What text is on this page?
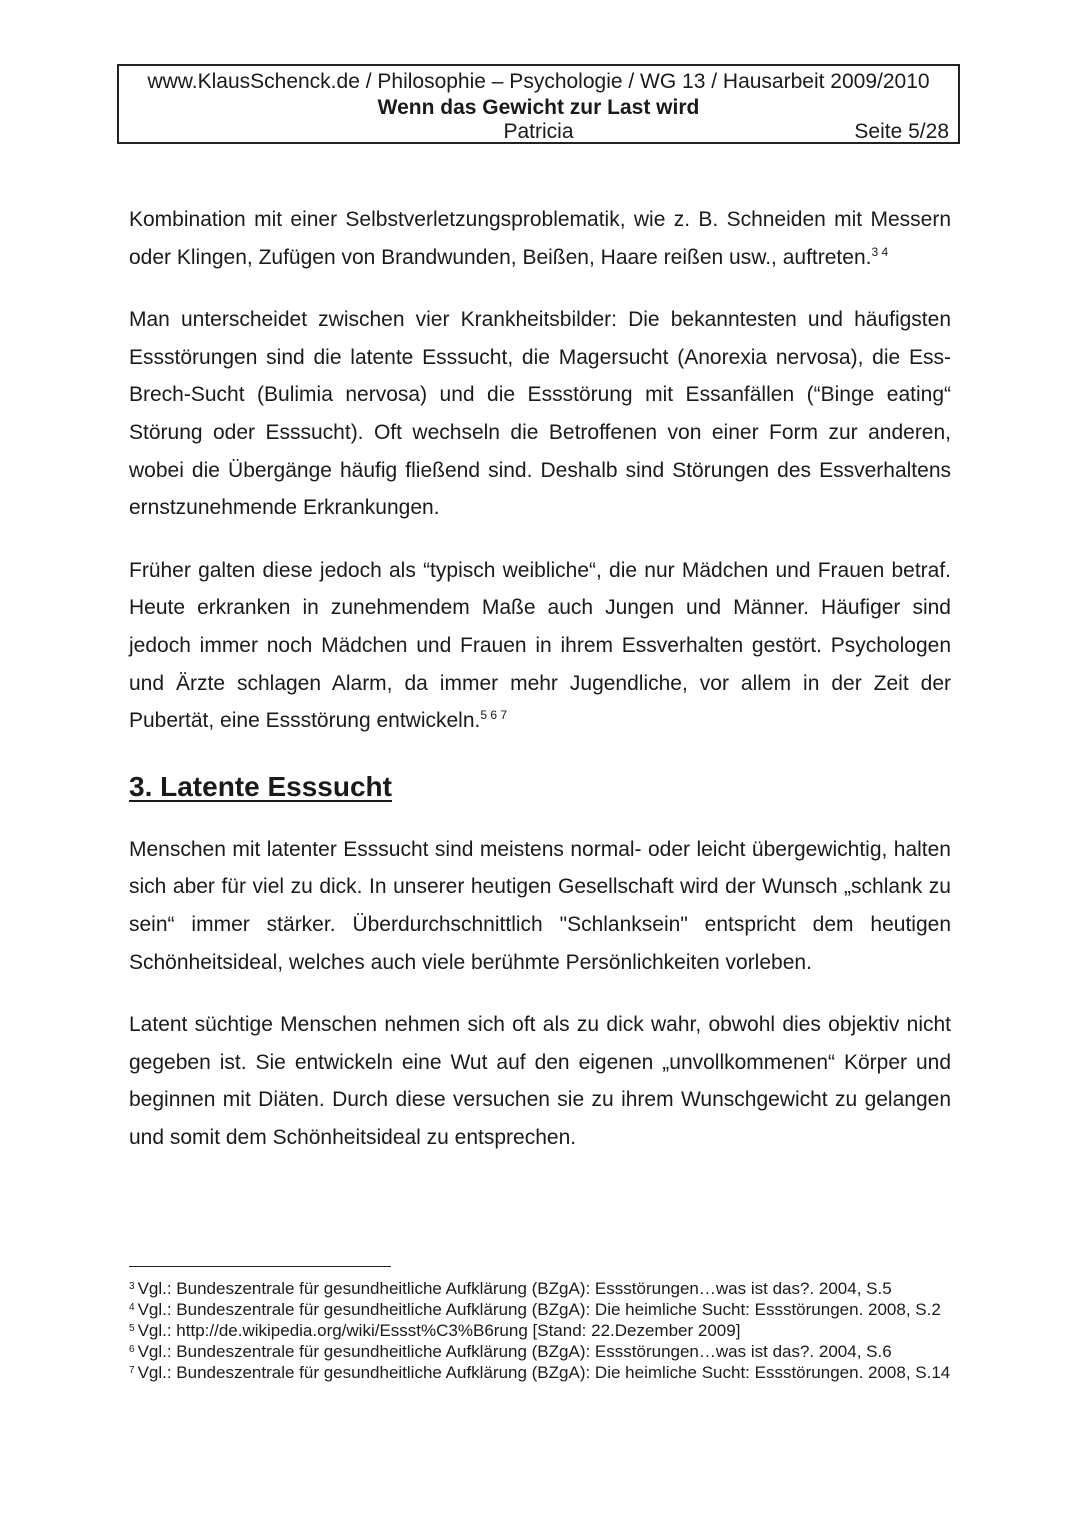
www.KlausSchenck.de / Philosophie – Psychologie / WG 13 / Hausarbeit 2009/2010
Wenn das Gewicht zur Last wird
Patricia	Seite 5/28

Kombination mit einer Selbstverletzungsproblematik, wie z. B. Schneiden mit Messern oder Klingen, Zufügen von Brandwunden, Beißen, Haare reißen usw., auftreten.$^{3 4}$

Man unterscheidet zwischen vier Krankheitsbilder: Die bekanntesten und häufigsten Essstörungen sind die latente Esssucht, die Magersucht (Anorexia nervosa), die Ess-Brech-Sucht (Bulimia nervosa) und die Essstörung mit Essanfällen (“Binge eating“ Störung oder Esssucht). Oft wechseln die Betroffenen von einer Form zur anderen, wobei die Übergänge häufig fließend sind. Deshalb sind Störungen des Essverhaltens ernstzunehmende Erkrankungen.

Früher galten diese jedoch als “typisch weibliche“, die nur Mädchen und Frauen betraf. Heute erkranken in zunehmendem Maße auch Jungen und Männer. Häufiger sind jedoch immer noch Mädchen und Frauen in ihrem Essverhalten gestört. Psychologen und Ärzte schlagen Alarm, da immer mehr Jugendliche, vor allem in der Zeit der Pubertät, eine Essstörung entwickeln.$^{5 6 7}$

3. Latente Esssucht

Menschen mit latenter Esssucht sind meistens normal- oder leicht übergewichtig, halten sich aber für viel zu dick. In unserer heutigen Gesellschaft wird der Wunsch „schlank zu sein“ immer stärker. Überdurchschnittlich "Schlanksein" entspricht dem heutigen Schönheitsideal, welches auch viele berühmte Persönlichkeiten vorleben.

Latent süchtige Menschen nehmen sich oft als zu dick wahr, obwohl dies objektiv nicht gegeben ist. Sie entwickeln eine Wut auf den eigenen „unvollkommenen“ Körper und beginnen mit Diäten. Durch diese versuchen sie zu ihrem Wunschgewicht zu gelangen und somit dem Schönheitsideal zu entsprechen.

$^3$ Vgl.: Bundeszentrale für gesundheitliche Aufklärung (BZgA): Essstörungen…was ist das?. 2004, S.5

$^4$ Vgl.: Bundeszentrale für gesundheitliche Aufklärung (BZgA): Die heimliche Sucht: Essstörungen. 2008, S.2

$^5$ Vgl.: http://de.wikipedia.org/wiki/Essst%C3%B6rung [Stand: 22.Dezember 2009]

$^6$ Vgl.: Bundeszentrale für gesundheitliche Aufklärung (BZgA): Essstörungen…was ist das?. 2004, S.6

$^7$ Vgl.: Bundeszentrale für gesundheitliche Aufklärung (BZgA): Die heimliche Sucht: Essstörungen. 2008, S.14
